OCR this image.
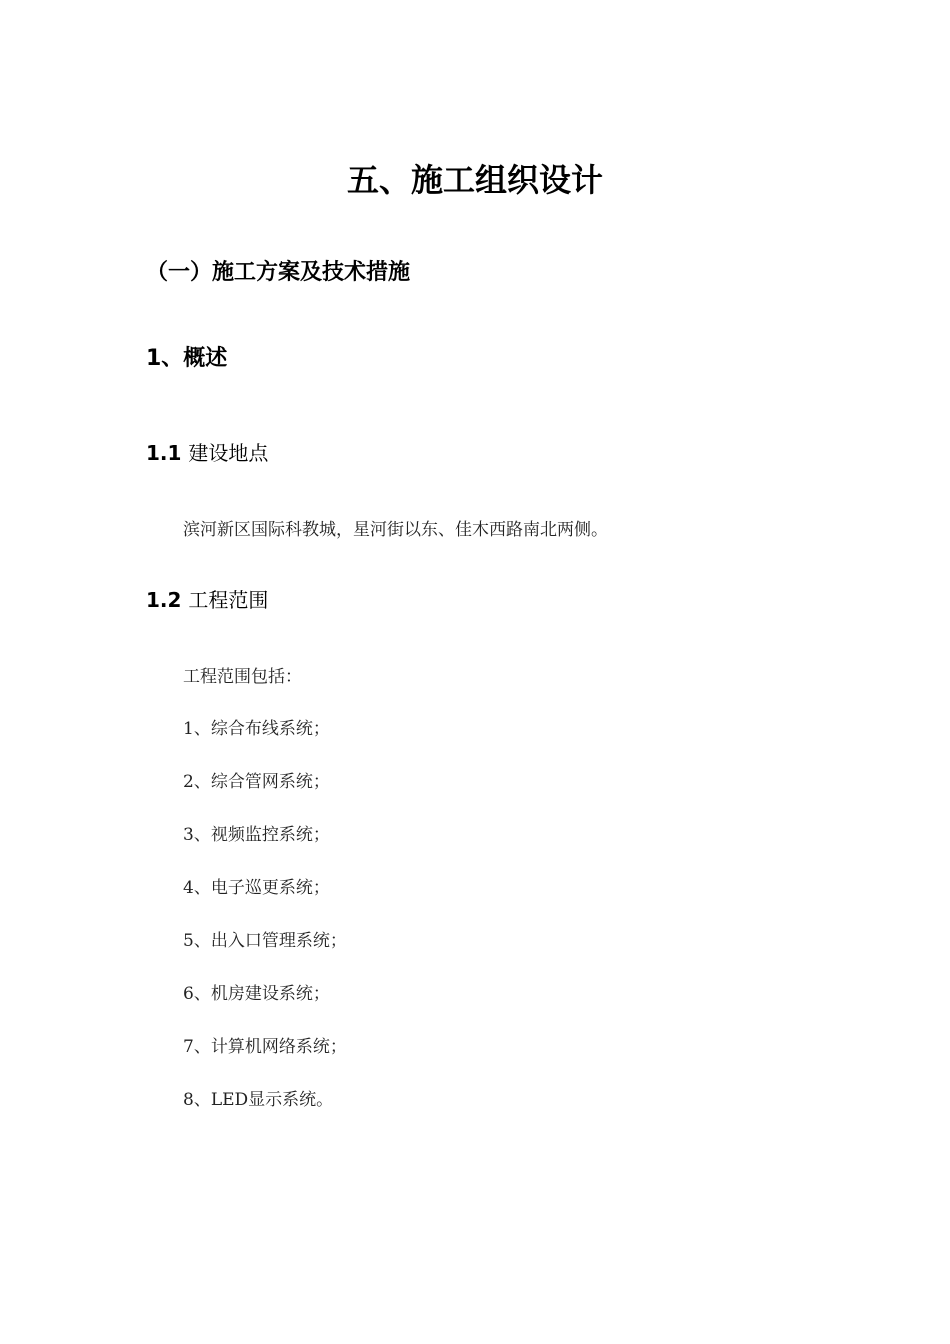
五、施工组织设计
（一）施工方案及技术措施
1、概述
1.1 建设地点
滨河新区国际科教城，星河街以东、佳木西路南北两侧。
1.2 工程范围
工程范围包括：
1、综合布线系统；
2、综合管网系统；
3、视频监控系统；
4、电子巡更系统；
5、出入口管理系统；
6、机房建设系统；
7、计算机网络系统；
8、LED显示系统。
